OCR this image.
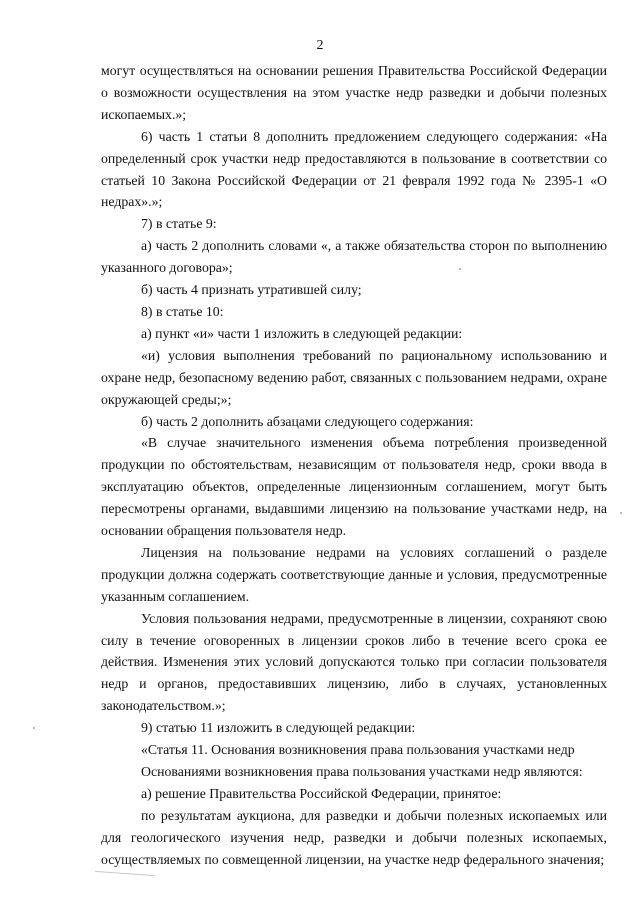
2

могут осуществляться на основании решения Правительства Российской Федерации о возможности осуществления на этом участке недр разведки и добычи полезных ископаемых.»;

6) часть 1 статьи 8 дополнить предложением следующего содержания: «На определенный срок участки недр предоставляются в пользование в соответствии со статьей 10 Закона Российской Федерации от 21 февраля 1992 года № 2395-1 «О недрах».»;

7) в статье 9:

а) часть 2 дополнить словами «, а также обязательства сторон по выполнению указанного договора»;

б) часть 4 признать утратившей силу;

8) в статье 10:

а) пункт «и» части 1 изложить в следующей редакции:

«и) условия выполнения требований по рациональному использованию и охране недр, безопасному ведению работ, связанных с пользованием недрами, охране окружающей среды;»;

б) часть 2 дополнить абзацами следующего содержания:

«В случае значительного изменения объема потребления произведенной продукции по обстоятельствам, независящим от пользователя недр, сроки ввода в эксплуатацию объектов, определенные лицензионным соглашением, могут быть пересмотрены органами, выдавшими лицензию на пользование участками недр, на основании обращения пользователя недр.

Лицензия на пользование недрами на условиях соглашений о разделе продукции должна содержать соответствующие данные и условия, предусмотренные указанным соглашением.

Условия пользования недрами, предусмотренные в лицензии, сохраняют свою силу в течение оговоренных в лицензии сроков либо в течение всего срока ее действия. Изменения этих условий допускаются только при согласии пользователя недр и органов, предоставивших лицензию, либо в случаях, установленных законодательством.»;

9) статью 11 изложить в следующей редакции:

«Статья 11. Основания возникновения права пользования участками недр

Основаниями возникновения права пользования участками недр являются:

а) решение Правительства Российской Федерации, принятое:

по результатам аукциона, для разведки и добычи полезных ископаемых или для геологического изучения недр, разведки и добычи полезных ископаемых, осуществляемых по совмещенной лицензии, на участке недр федерального значения;
